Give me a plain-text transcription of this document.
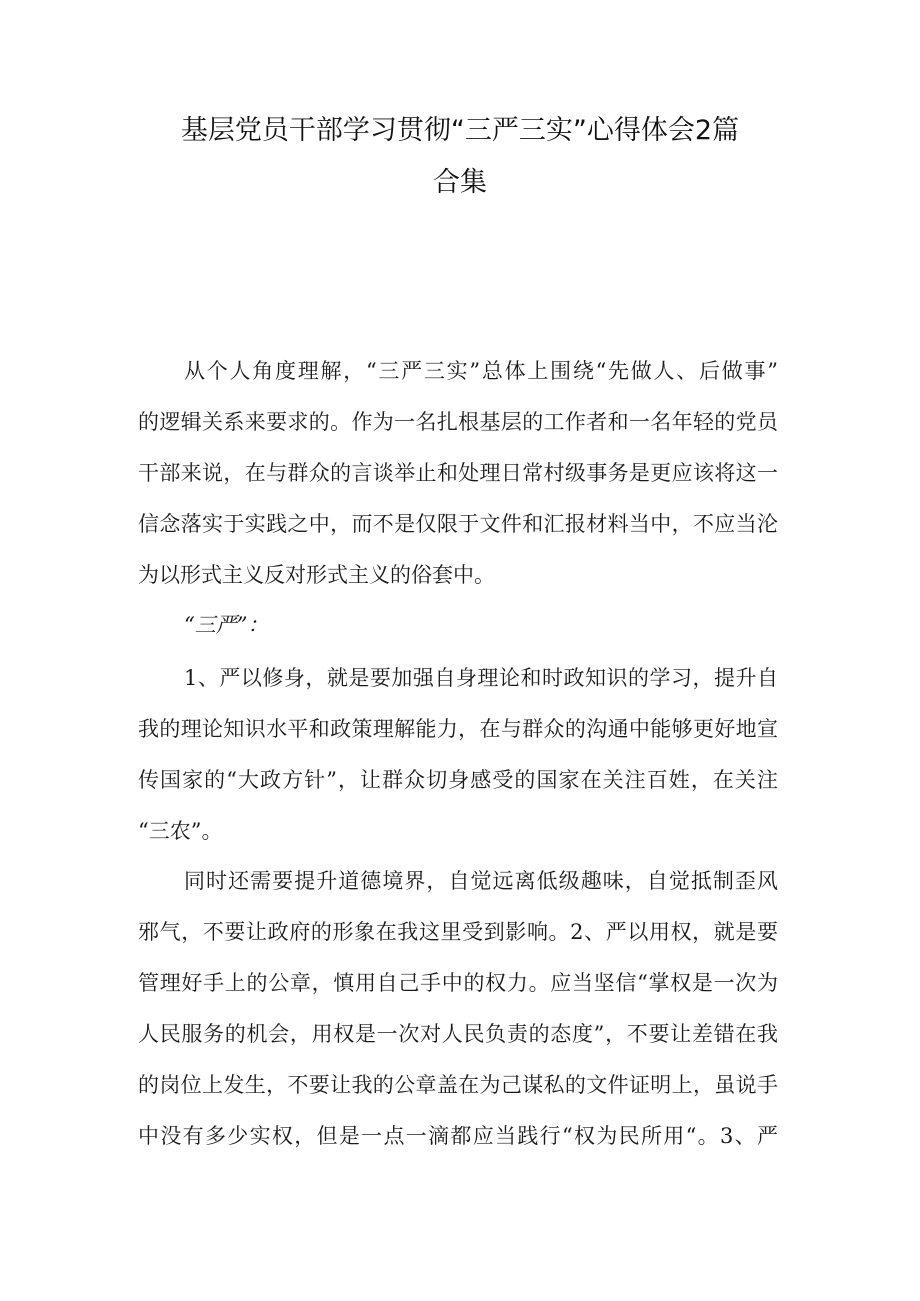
基层党员干部学习贯彻“三严三实”心得体会2篇
合集
从个人角度理解，“三严三实”总体上围绕“先做人、后做事”
的逻辑关系来要求的。作为一名扎根基层的工作者和一名年轻的党员
干部来说，在与群众的言谈举止和处理日常村级事务是更应该将这一
信念落实于实践之中，而不是仅限于文件和汇报材料当中，不应当沦
为以形式主义反对形式主义的俗套中。

“三严”：

1、严以修身，就是要加强自身理论和时政知识的学习，提升自
我的理论知识水平和政策理解能力，在与群众的沟通中能够更好地宣
传国家的“大政方针”，让群众切身感受的国家在关注百姓，在关注
“三农”。
同时还需要提升道德境界，自觉远离低级趣味，自觉抵制歪风
邪气，不要让政府的形象在我这里受到影响。2、严以用权，就是要
管理好手上的公章，慎用自己手中的权力。应当坚信“掌权是一次为
人民服务的机会，用权是一次对人民负责的态度”，不要让差错在我
的岗位上发生，不要让我的公章盖在为己谋私的文件证明上，虽说手
中没有多少实权，但是一点一滴都应当践行“权为民所用“。3、严
